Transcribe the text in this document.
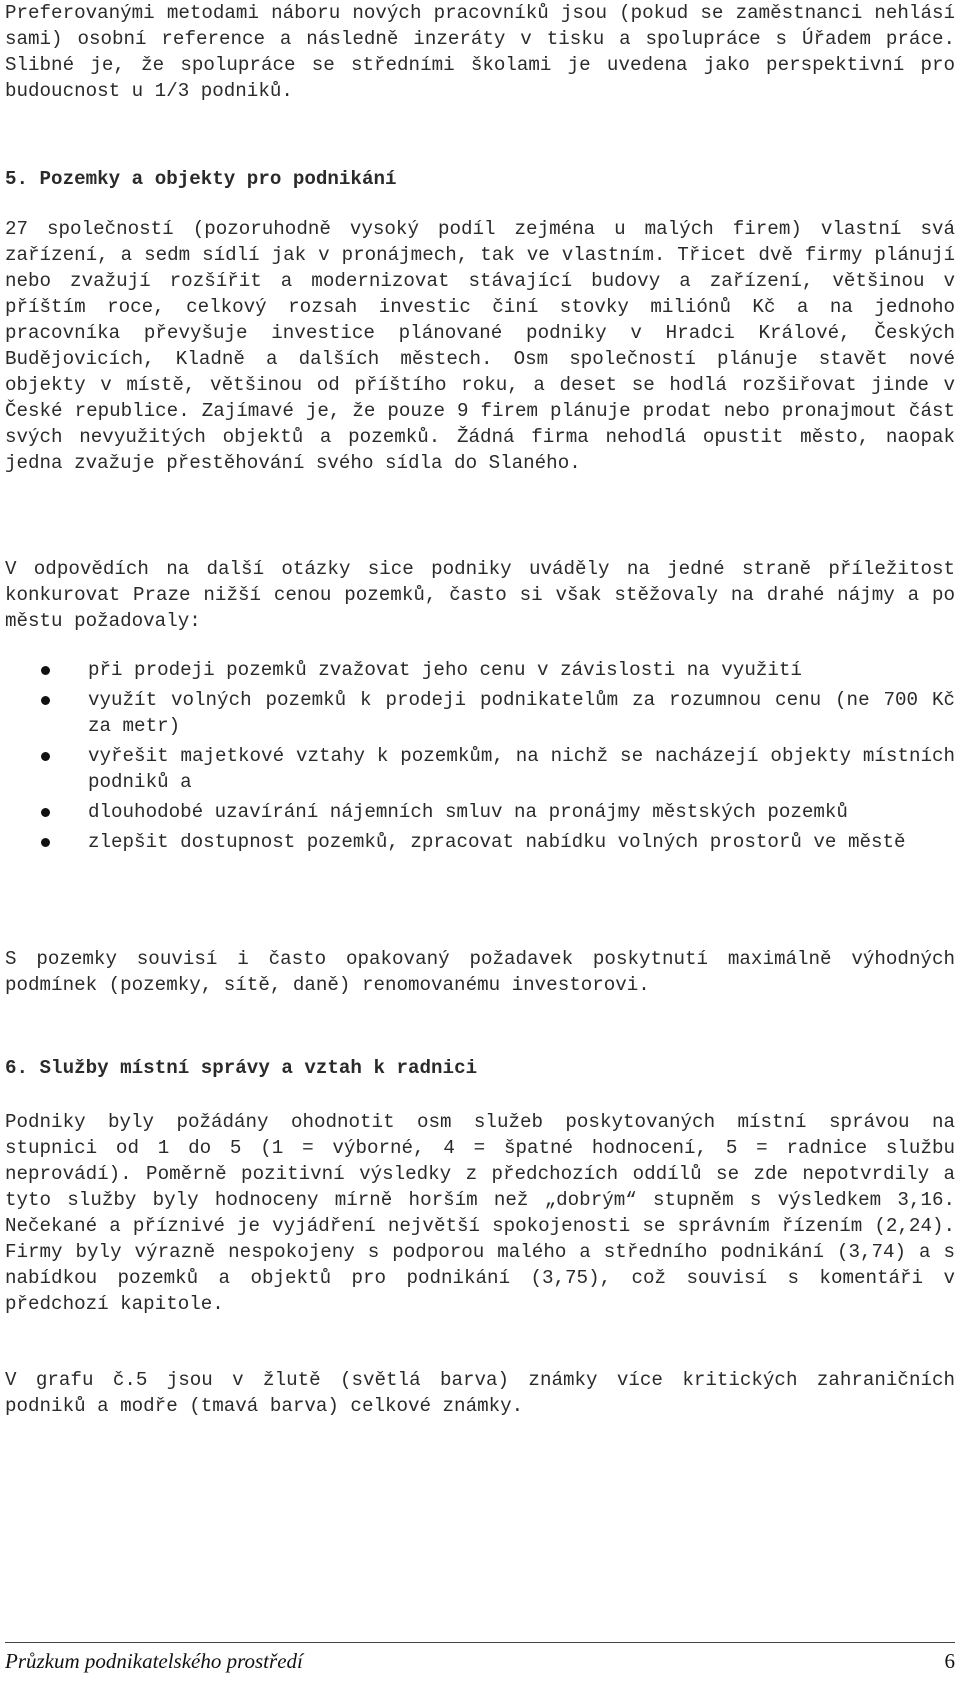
Preferovanými metodami náboru nových pracovníků jsou (pokud se zaměstnanci nehlásí sami) osobní reference a následně inzeráty v tisku a spolupráce s Úřadem práce. Slibné je, že spolupráce se středními školami je uvedena jako perspektivní pro budoucnost u 1/3 podniků.

5. Pozemky a objekty pro podnikání

27 společností (pozoruhodně vysoký podíl zejména u malých firem) vlastní svá zařízení, a sedm sídlí jak v pronájmech, tak ve vlastním. Třicet dvě firmy plánují nebo zvažují rozšířit a modernizovat stávající budovy a zařízení, většinou v příštím roce, celkový rozsah investic činí stovky miliónů Kč a na jednoho pracovníka převyšuje investice plánované podniky v Hradci Králové, Českých Budějovicích, Kladně a dalších městech. Osm společností plánuje stavět nové objekty v místě, většinou od příštího roku, a deset se hodlá rozšiřovat jinde v České republice. Zajímavé je, že pouze 9 firem plánuje prodat nebo pronajmout část svých nevyužitých objektů a pozemků. Žádná firma nehodlá opustit město, naopak jedna zvažuje přestěhování svého sídla do Slaného.

V odpovědích na další otázky sice podniky uváděly na jedné straně příležitost konkurovat Praze nižší cenou pozemků, často si však stěžovaly na drahé nájmy a po městu požadovaly:

při prodeji pozemků zvažovat jeho cenu v závislosti na využití
využít volných pozemků k prodeji podnikatelům za rozumnou cenu (ne 700 Kč za metr)
vyřešit majetkové vztahy k pozemkům, na nichž se nacházejí objekty místních podniků a
dlouhodobé uzavírání nájemních smluv na pronájmy městských pozemků
zlepšit dostupnost pozemků, zpracovat nabídku volných prostorů ve městě

S pozemky souvisí i často opakovaný požadavek poskytnutí maximálně výhodných podmínek (pozemky, sítě, daně) renomovanému investorovi.

6. Služby místní správy a vztah k radnici

Podniky byly požádány ohodnotit osm služeb poskytovaných místní správou na stupnici od 1 do 5 (1 = výborné, 4 = špatné hodnocení, 5 = radnice službu neprovádí). Poměrně pozitivní výsledky z předchozích oddílů se zde nepotvrdily a tyto služby byly hodnoceny mírně horším než „dobrým“ stupněm s výsledkem 3,16. Nečekané a příznivé je vyjádření největší spokojenosti se správním řízením (2,24). Firmy byly výrazně nespokojeny s podporou malého a středního podnikání (3,74) a s nabídkou pozemků a objektů pro podnikání (3,75), což souvisí s komentáři v předchozí kapitole.

V grafu č.5 jsou v žlutě (světlá barva) známky více kritických zahraničních podniků a modře (tmavá barva) celkové známky.

Průzkum podnikatelského prostředí	6
